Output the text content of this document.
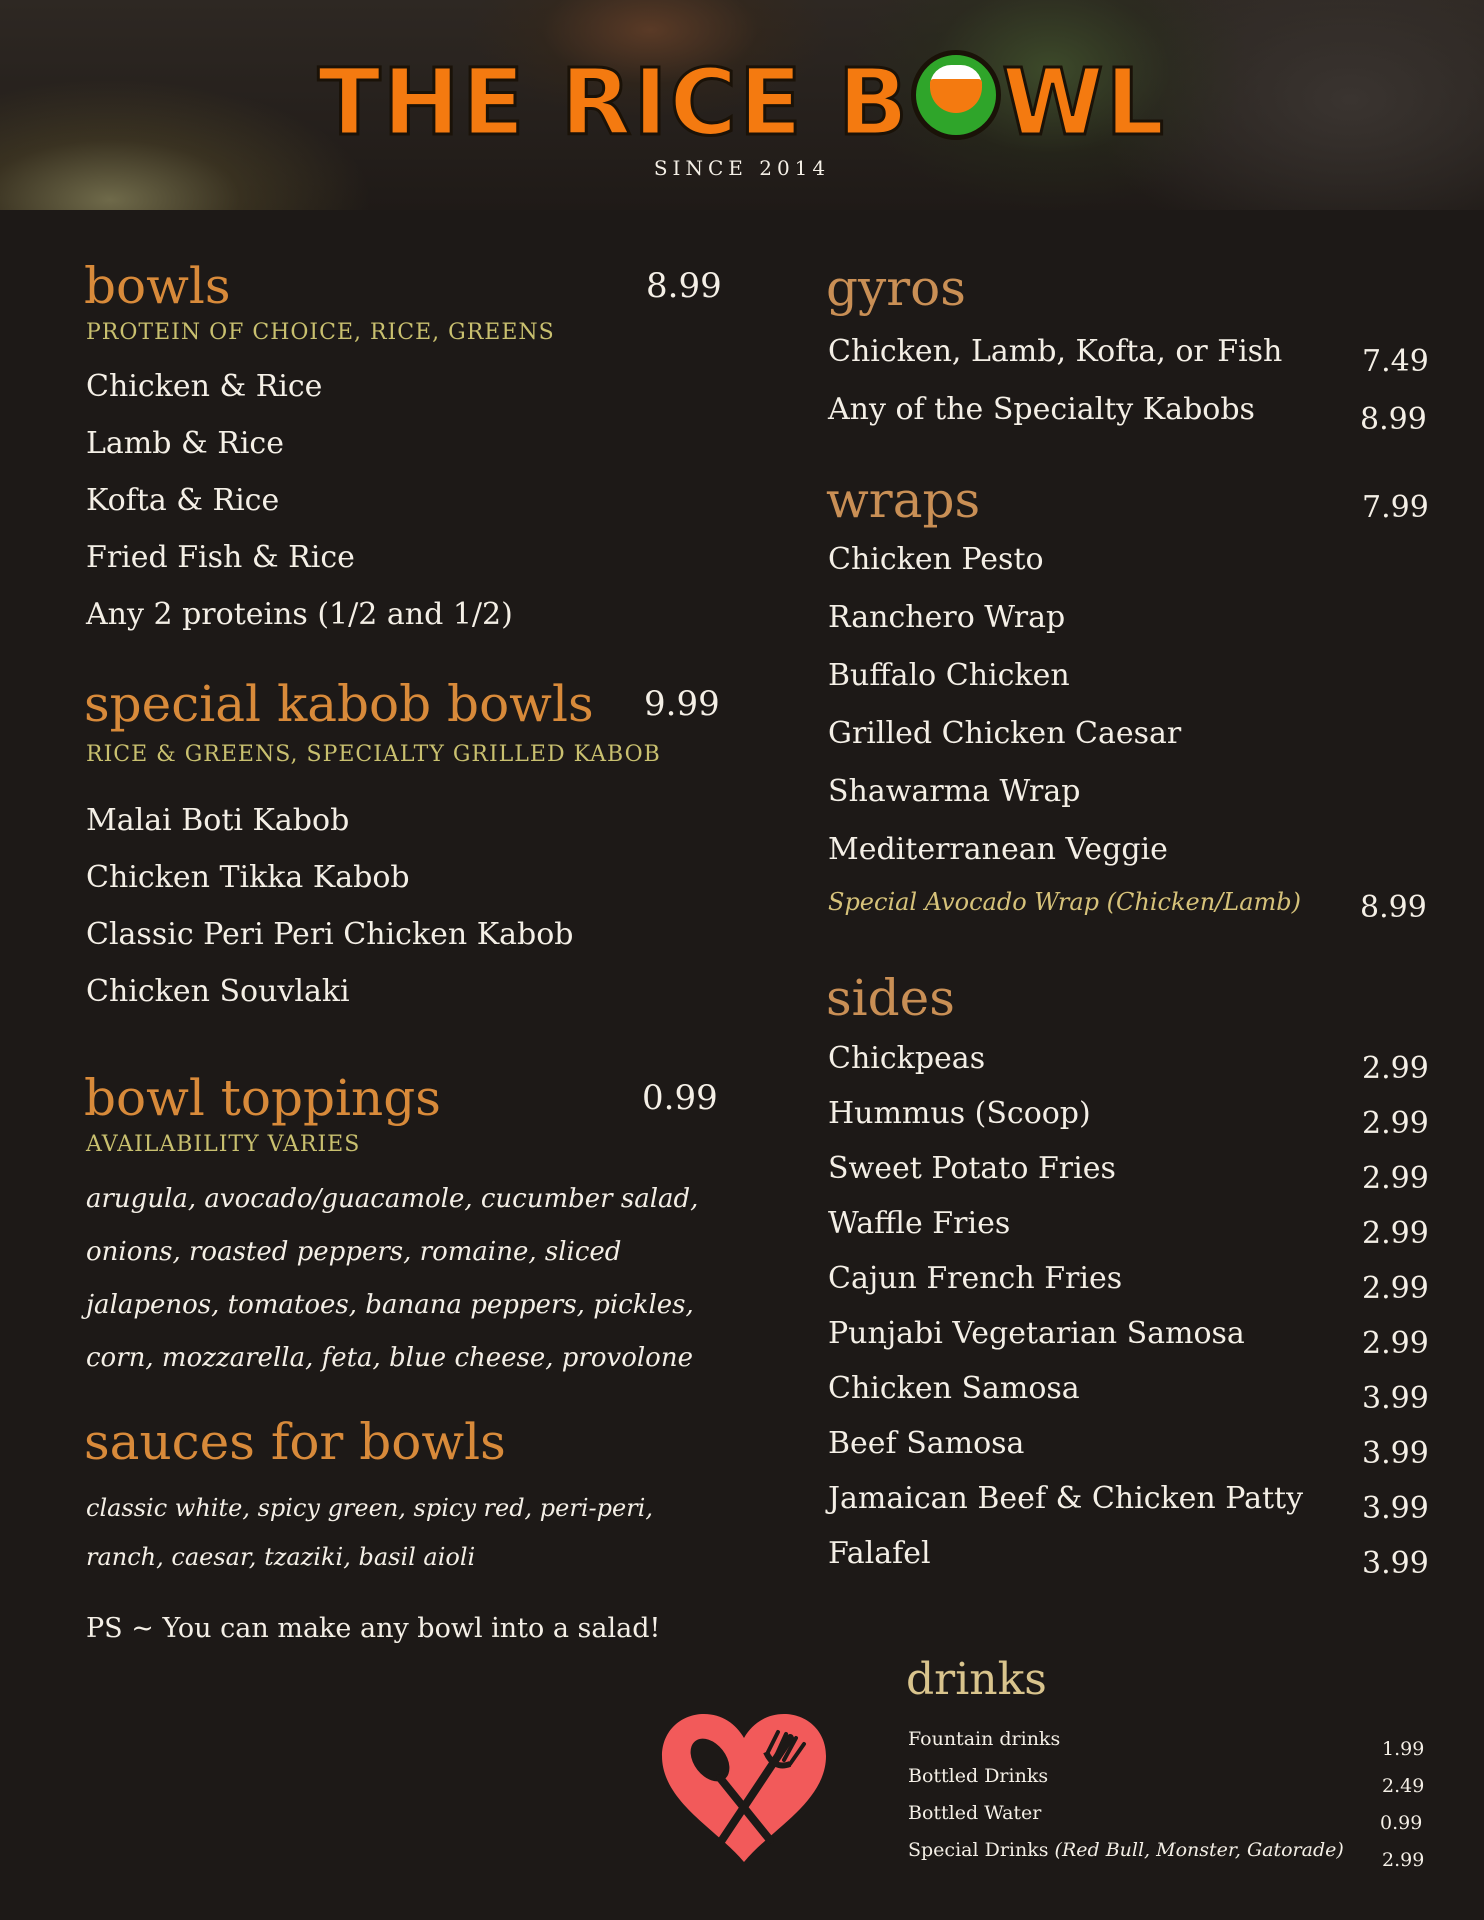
THE RICE B WL
SINCE 2014
bowls	8.99
PROTEIN OF CHOICE, RICE, GREENS
Chicken & Rice
Lamb & Rice
Kofta & Rice
Fried Fish & Rice
Any 2 proteins (1/2 and 1/2)
special kabob bowls 9.99
RICE & GREENS, SPECIALTY GRILLED KABOB
Malai Boti Kabob
Chicken Tikka Kabob
Classic Peri Peri Chicken Kabob
Chicken Souvlaki
bowl toppings	0.99
AVAILABILITY VARIES
arugula, avocado/guacamole, cucumber salad,
onions, roasted peppers, romaine, sliced
jalapenos, tomatoes, banana peppers, pickles,
corn, mozzarella, feta, blue cheese, provolone
sauces for bowls
classic white, spicy green, spicy red, peri-peri,
ranch, caesar, tzaziki, basil aioli
PS ~ You can make any bowl into a salad!
gyros
Chicken, Lamb, Kofta, or Fish	7.49
Any of the Specialty Kabobs	8.99
wraps	7.99
Chicken Pesto
Ranchero Wrap
Buffalo Chicken
Grilled Chicken Caesar
Shawarma Wrap
Mediterranean Veggie
Special Avocado Wrap (Chicken/Lamb) 8.99
sides
Chickpeas	2.99
Hummus (Scoop)	2.99
Sweet Potato Fries	2.99
Waffle Fries	2.99
Cajun French Fries	2.99
Punjabi Vegetarian Samosa	2.99
Chicken Samosa	3.99
Beef Samosa	3.99
Jamaican Beef & Chicken Patty 3.99
Falafel	3.99
drinks
Fountain drinks	1.99
Bottled Drinks	2.49
Bottled Water	0.99
Special Drinks (Red Bull, Monster, Gatorade) 2.99
